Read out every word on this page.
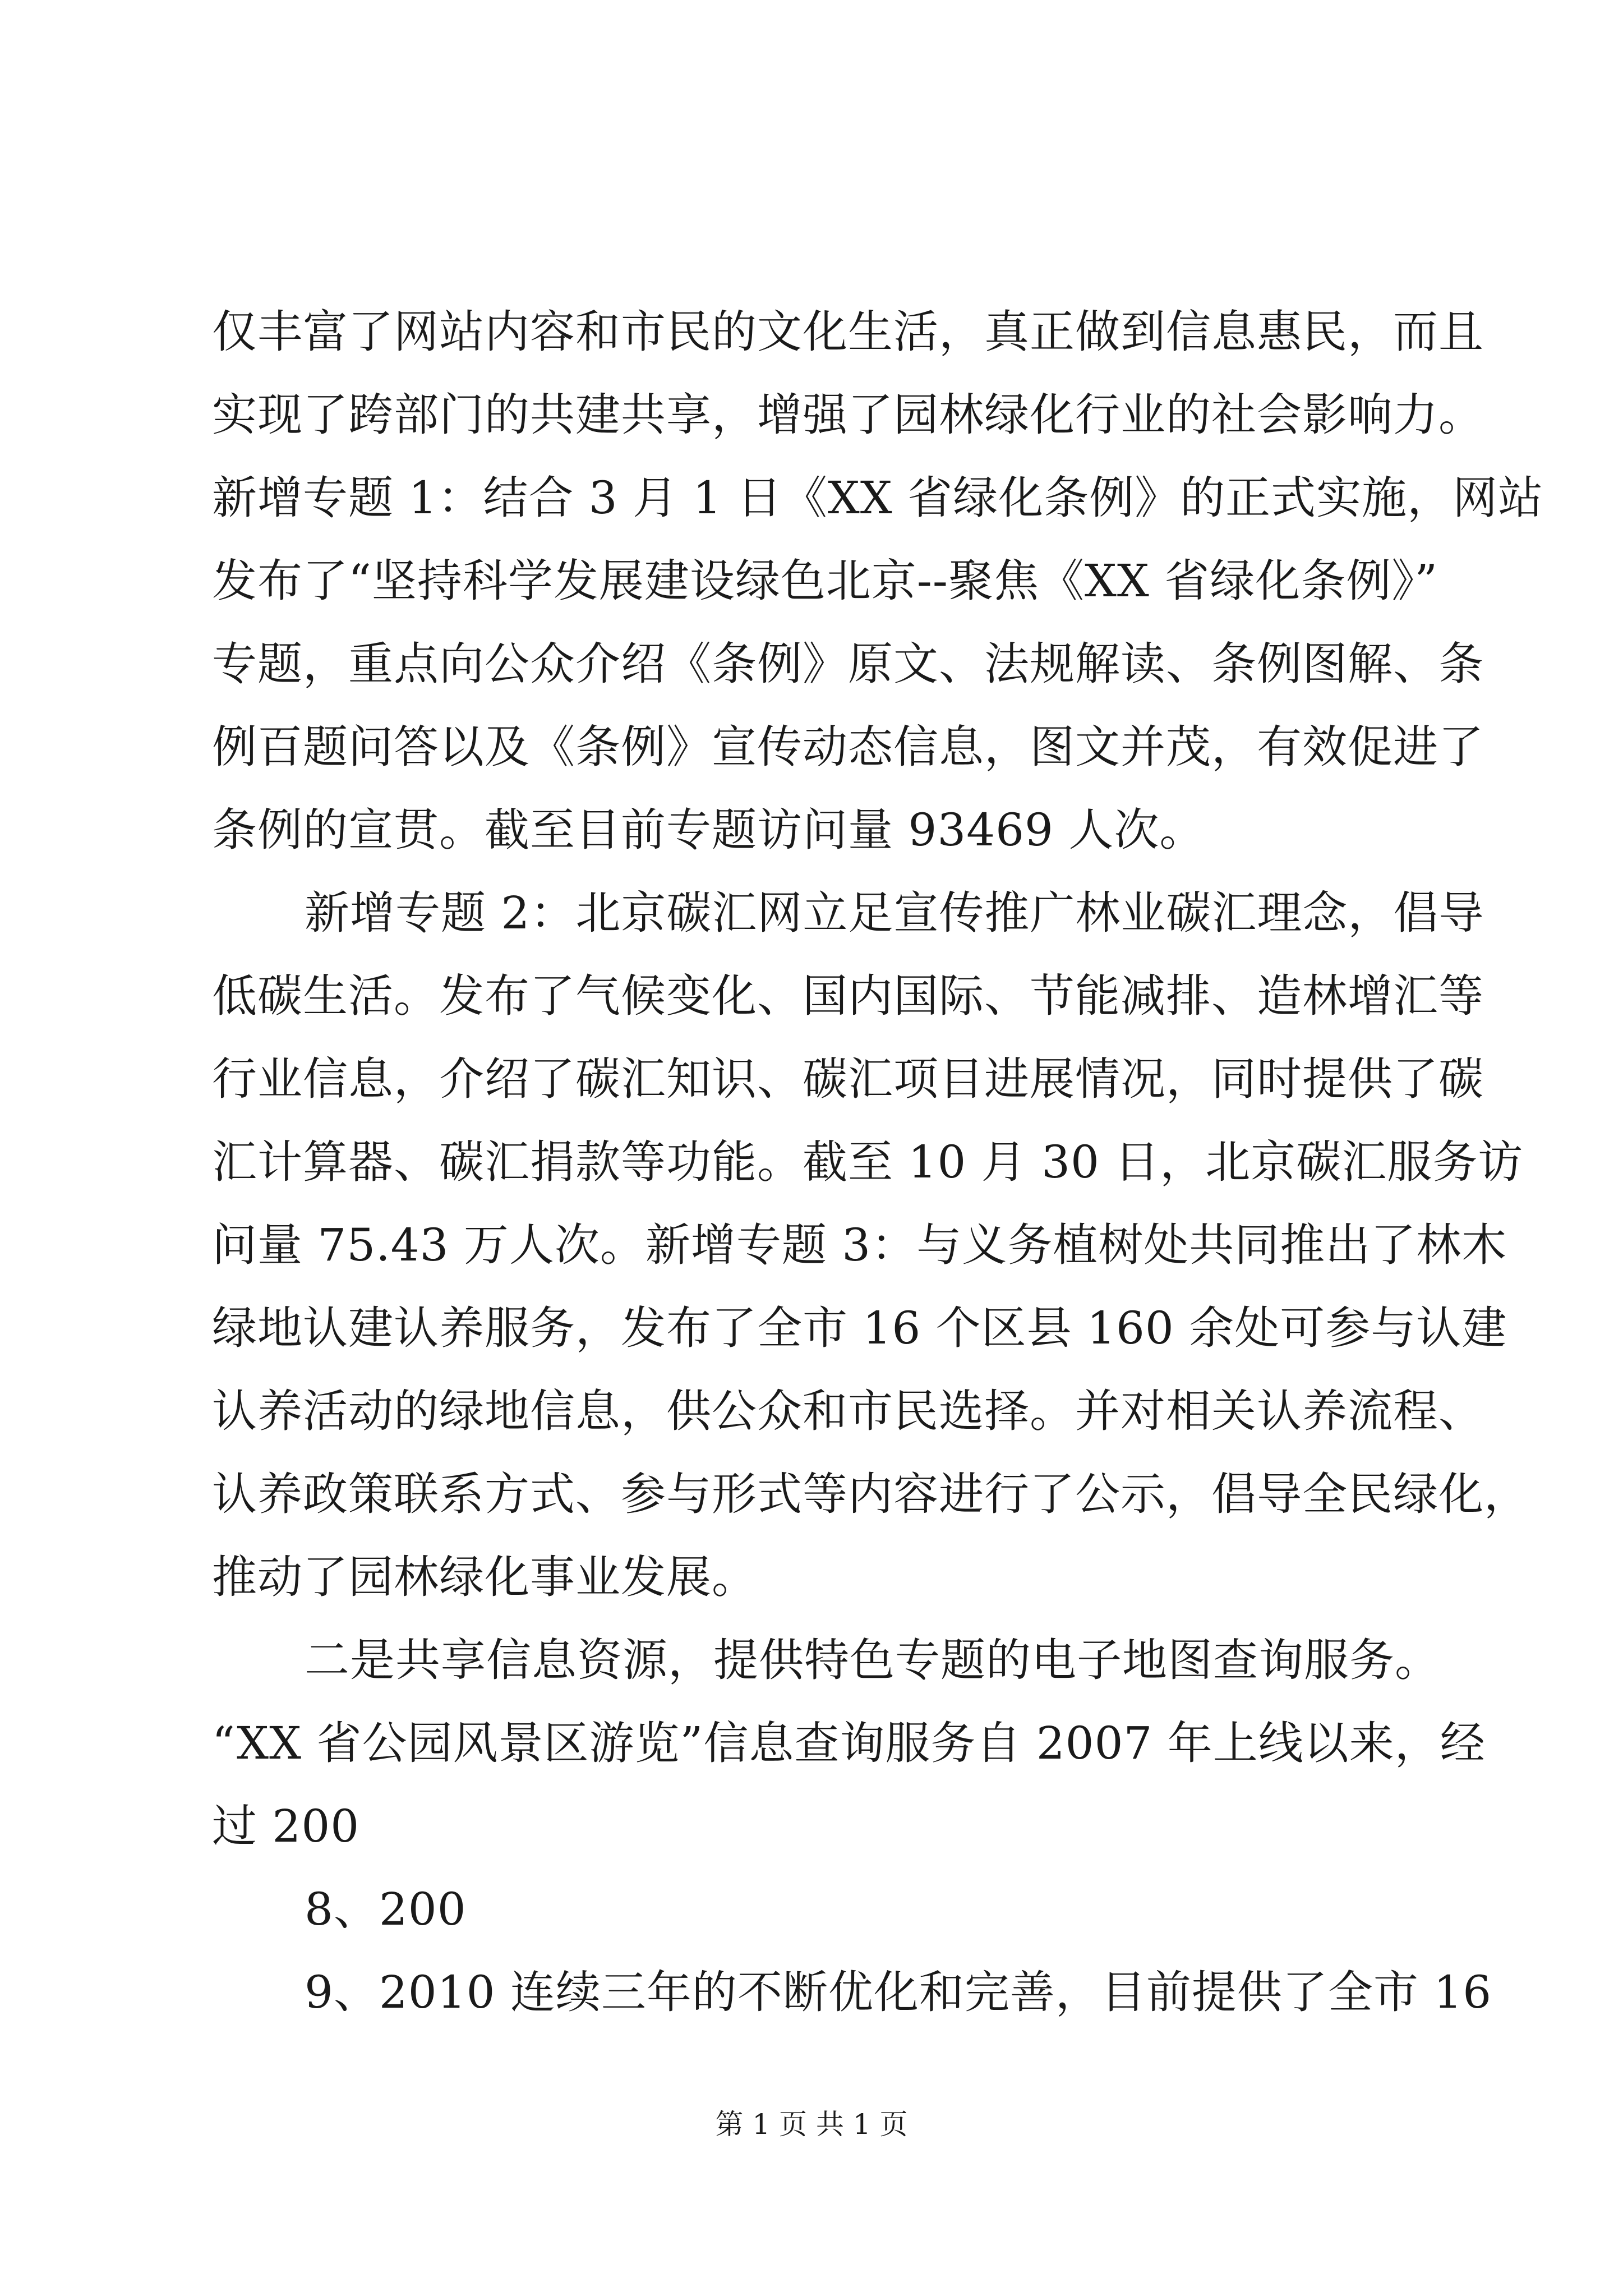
仅丰富了网站内容和市民的文化生活，真正做到信息惠民，而且
实现了跨部门的共建共享，增强了园林绿化行业的社会影响力。
新增专题 1：结合 3 月 1 日《XX 省绿化条例》的正式实施，网站
发布了“坚持科学发展建设绿色北京--聚焦《XX 省绿化条例》”
专题，重点向公众介绍《条例》原文、法规解读、条例图解、条
例百题问答以及《条例》宣传动态信息，图文并茂，有效促进了
条例的宣贯。截至目前专题访问量 93469 人次。
新增专题 2：北京碳汇网立足宣传推广林业碳汇理念，倡导
低碳生活。发布了气候变化、国内国际、节能减排、造林增汇等
行业信息，介绍了碳汇知识、碳汇项目进展情况，同时提供了碳
汇计算器、碳汇捐款等功能。截至 10 月 30 日，北京碳汇服务访
问量 75.43 万人次。新增专题 3：与义务植树处共同推出了林木
绿地认建认养服务，发布了全市 16 个区县 160 余处可参与认建
认养活动的绿地信息，供公众和市民选择。并对相关认养流程、
认养政策联系方式、参与形式等内容进行了公示，倡导全民绿化，
推动了园林绿化事业发展。
二是共享信息资源，提供特色专题的电子地图查询服务。
“XX 省公园风景区游览”信息查询服务自 2007 年上线以来，经
过 200
8、200
9、2010 连续三年的不断优化和完善，目前提供了全市 16
第 1 页 共 1 页
